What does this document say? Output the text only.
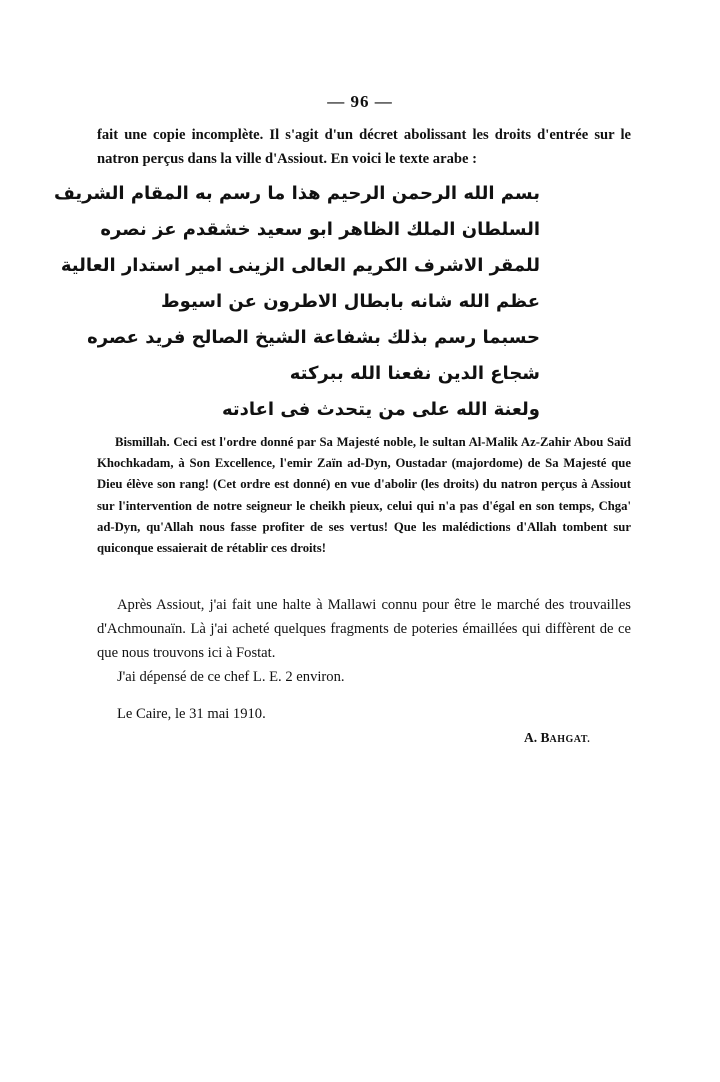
— 96 —

fait une copie incomplète. Il s'agit d'un décret abolissant les droits d'entrée sur le natron perçus dans la ville d'Assiout. En voici le texte arabe :

بسم الله الرحمن الرحيم هذا ما رسم به المقام الشريف
السلطان الملك الظاهر ابو سعيد خشقدم عز نصره
للمقر الاشرف الكريم العالى الزينى امير استدار العالية
عظم الله شانه بابطال الاطرون عن اسيوط
حسبما رسم بذلك بشفاعة الشيخ الصالح فريد عصره
شجاع الدين نفعنا الله ببركته
ولعنة الله على من يتحدث فى اعادته

Bismillah. Ceci est l'ordre donné par Sa Majesté noble, le sultan Al-Malik Az-Zahir Abou Saïd Khochkadam, à Son Excellence, l'emir Zaïn ad-Dyn, Oustadar (majordome) de Sa Majesté que Dieu élève son rang! (Cet ordre est donné) en vue d'abolir (les droits) du natron perçus à Assiout sur l'intervention de notre seigneur le cheikh pieux, celui qui n'a pas d'égal en son temps, Chga' ad-Dyn, qu'Allah nous fasse profiter de ses vertus! Que les malédictions d'Allah tombent sur quiconque essaierait de rétablir ces droits!

Après Assiout, j'ai fait une halte à Mallawi connu pour être le marché des trouvailles d'Achmounaïn. Là j'ai acheté quelques fragments de poteries émaillées qui diffèrent de ce que nous trouvons ici à Fostat.

J'ai dépensé de ce chef L. E. 2 environ.

Le Caire, le 31 mai 1910.
A. BAHGAT.
